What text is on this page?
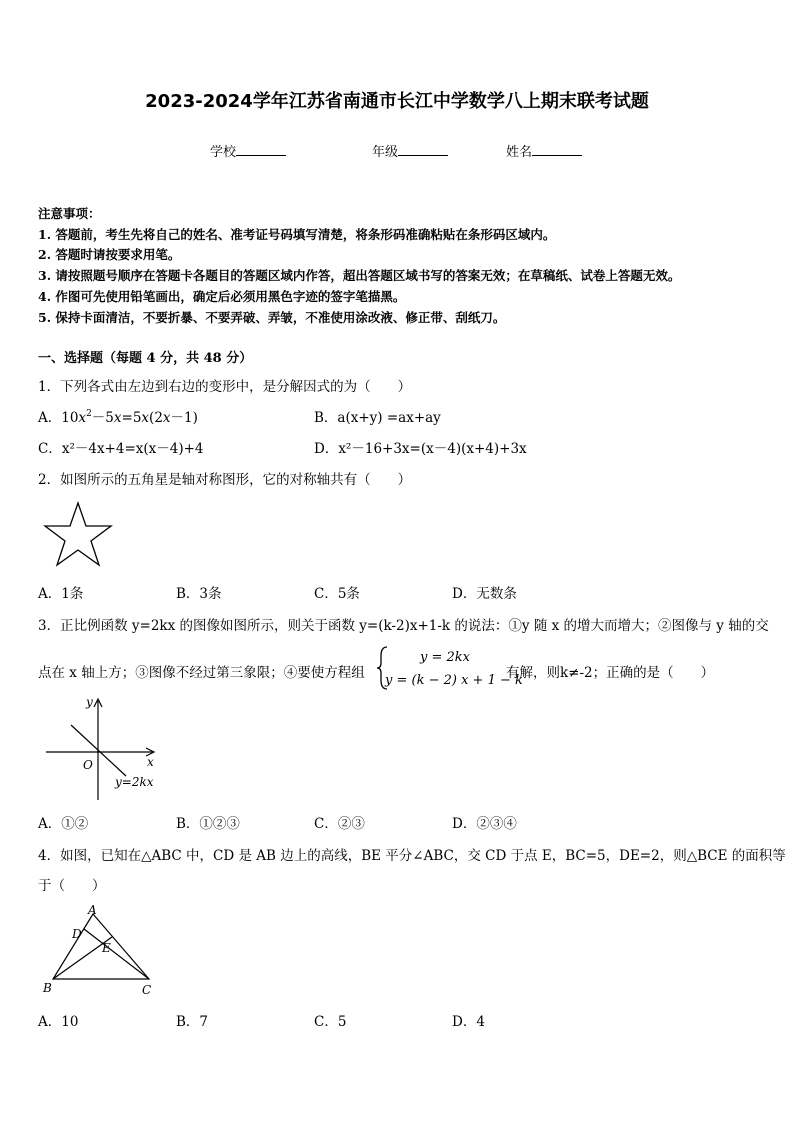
2023-2024学年江苏省南通市长江中学数学八上期末联考试题
学校	年级	姓名
注意事项：
1. 答题前，考生先将自己的姓名、准考证号码填写清楚，将条形码准确粘贴在条形码区域内。
2. 答题时请按要求用笔。
3. 请按照题号顺序在答题卡各题目的答题区域内作答，超出答题区域书写的答案无效；在草稿纸、试卷上答题无效。
4. 作图可先使用铅笔画出，确定后必须用黑色字迹的签字笔描黑。
5. 保持卡面清洁，不要折暴、不要弄破、弄皱，不准使用涂改液、修正带、刮纸刀。
一、选择题（每题 4 分，共 48 分）
1．下列各式由左边到右边的变形中，是分解因式的为（　　）
A．$10x^2-5x=5x(2x-1)$	B．a(x+y) =ax+ay
C．x²－4x+4=x(x－4)+4	D．x²－16+3x=(x－4)(x+4)+3x
2．如图所示的五角星是轴对称图形，它的对称轴共有（　　）
A．1条	B．3条	C．5条	D．无数条
3．正比例函数 y=2kx 的图像如图所示，则关于函数 y=(k-2)x+1-k 的说法：①y 随 x 的增大而增大；②图像与 y 轴的交
点在 x 轴上方；③图像不经过第三象限；④要使方程组
y = 2kx
y = (k − 2) x + 1 − k
有解，则k≠-2；正确的是（　　）
y
x
O
y=2kx
A．①②	B．①②③	C．②③	D．②③④
4．如图，已知在△ABC 中，CD 是 AB 边上的高线，BE 平分∠ABC，交 CD 于点 E，BC=5，DE=2，则△BCE 的面积等
于（　　）
A
D
E
B	C
A．10	B．7	C．5	D．4
